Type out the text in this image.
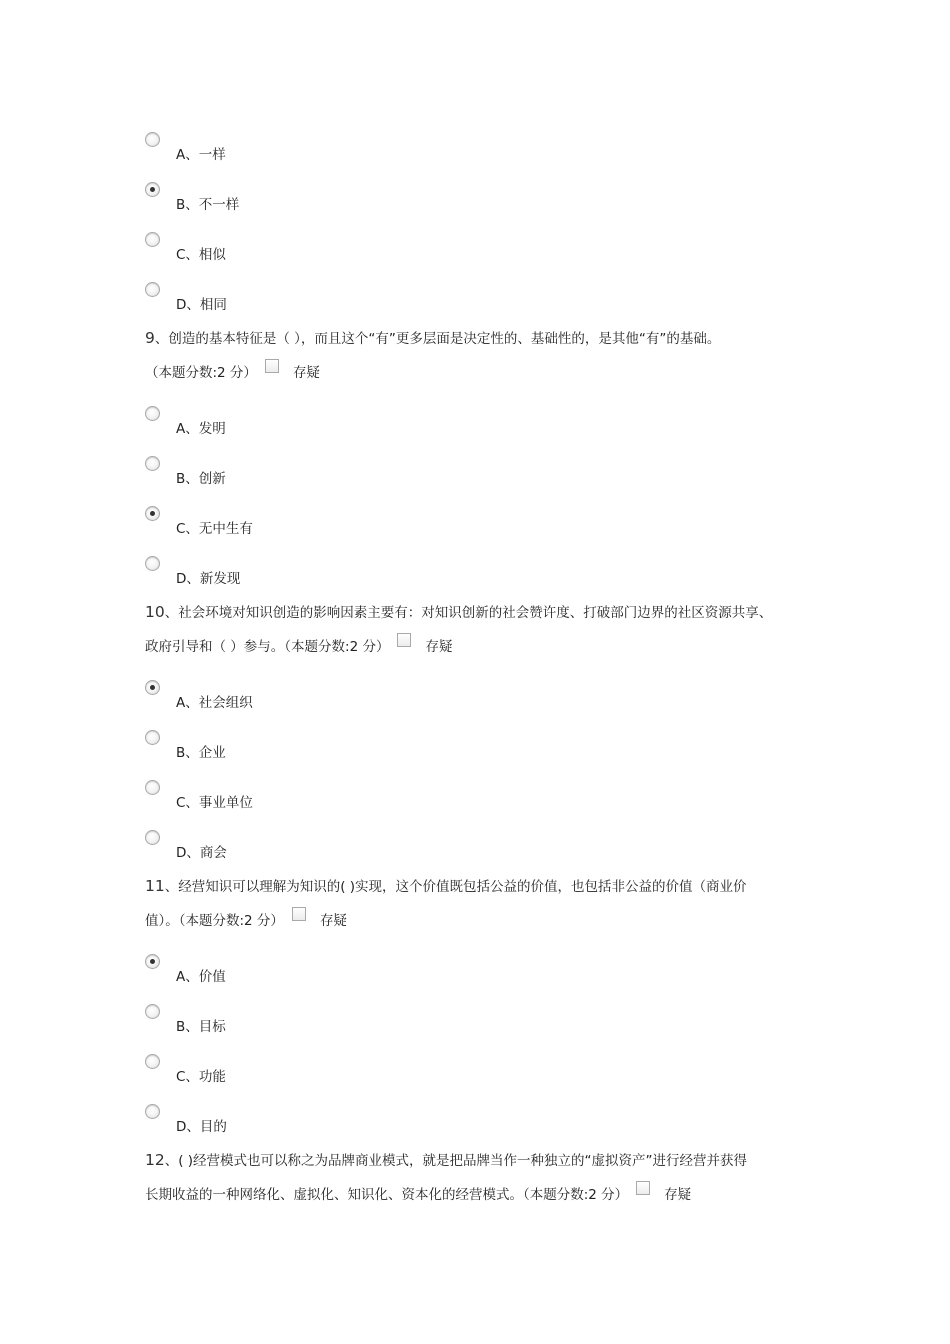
A、一样
B、不一样
C、相似
D、相同
9、创造的基本特征是（ ），而且这个“有”更多层面是决定性的、基础性的，是其他“有”的基础。
（本题分数:2 分）	存疑
A、发明
B、创新
C、无中生有
D、新发现
10、社会环境对知识创造的影响因素主要有：对知识创新的社会赞许度、打破部门边界的社区资源共享、
政府引导和（ ）参与。（本题分数:2 分）	存疑
A、社会组织
B、企业
C、事业单位
D、商会
11、经营知识可以理解为知识的( )实现，这个价值既包括公益的价值，也包括非公益的价值（商业价
值）。（本题分数:2 分）	存疑
A、价值
B、目标
C、功能
D、目的
12、( )经营模式也可以称之为品牌商业模式，就是把品牌当作一种独立的“虚拟资产”进行经营并获得
长期收益的一种网络化、虚拟化、知识化、资本化的经营模式。（本题分数:2 分）	存疑
